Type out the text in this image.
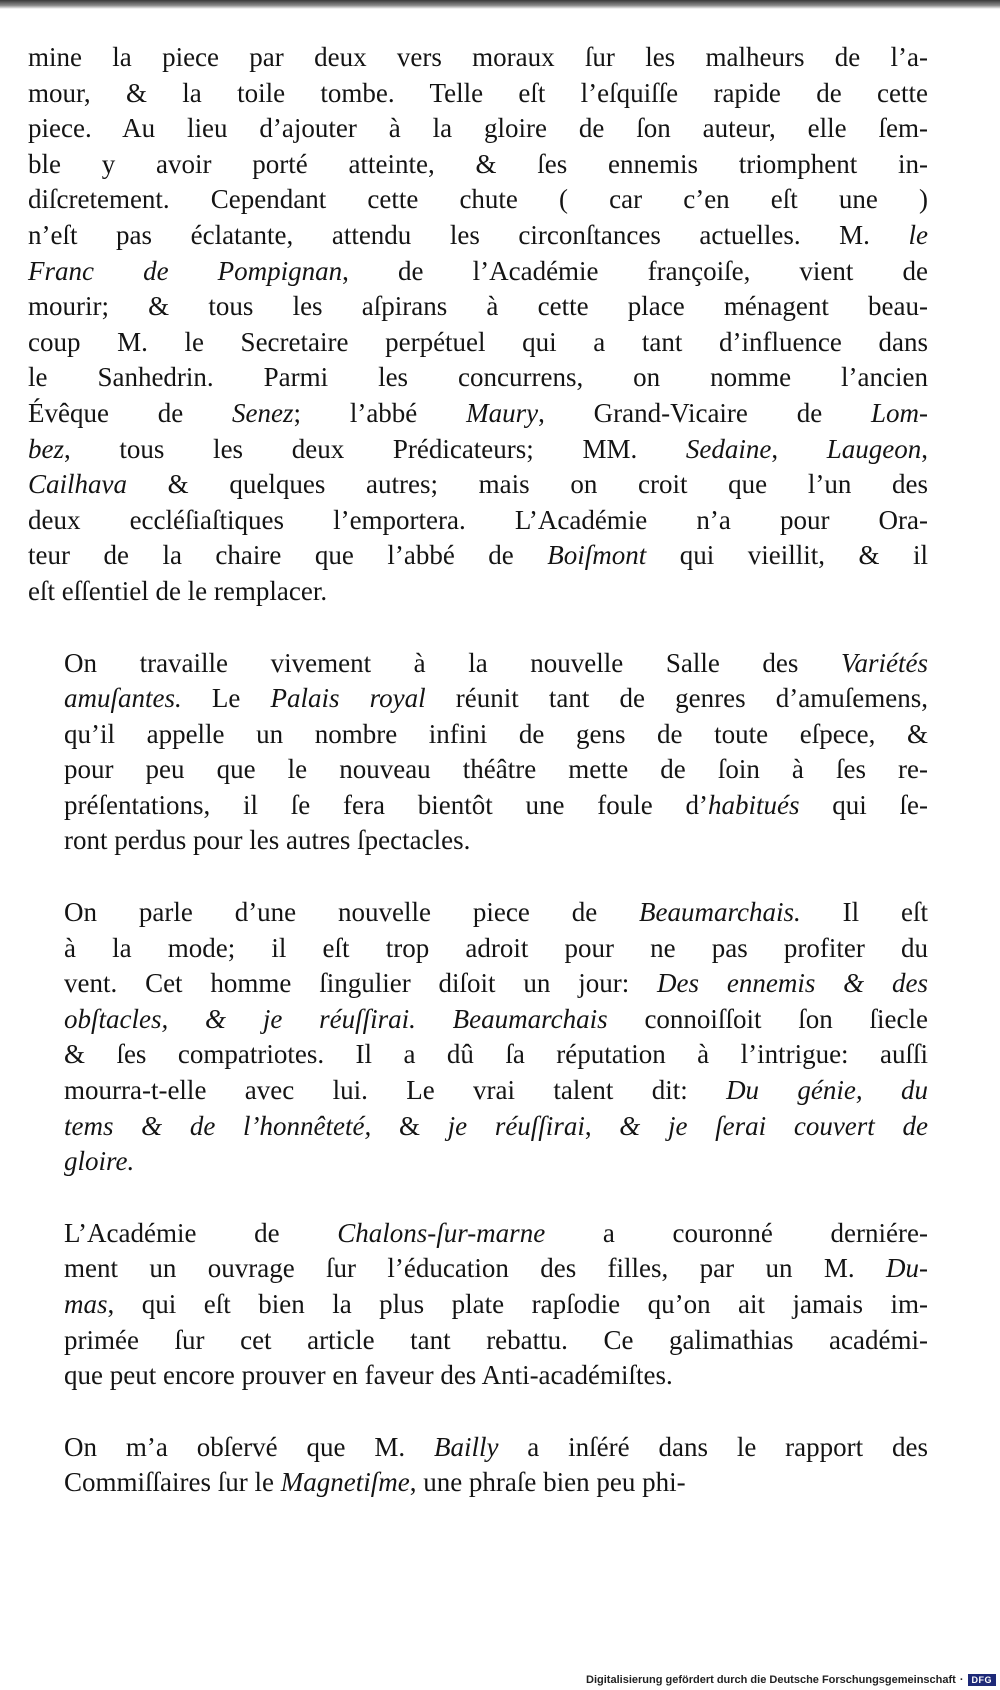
mine la piece par deux vers moraux ſur les malheurs de l’a-
mour, & la toile tombe. Telle eſt l’eſquiſſe rapide de cette
piece. Au lieu d’ajouter à la gloire de ſon auteur, elle ſem-
ble y avoir porté atteinte, & ſes ennemis triomphent in-
diſcretement. Cependant cette chute ( car c’en eſt une )
n’eſt pas éclatante, attendu les circonſtances actuelles. M. le
Franc de Pompignan, de l’Académie françoiſe, vient de
mourir; & tous les aſpirans à cette place ménagent beau-
coup M. le Secretaire perpétuel qui a tant d’influence dans
le Sanhedrin. Parmi les concurrens, on nomme l’ancien
Évêque de Senez; l’abbé Maury, Grand-Vicaire de Lom-
bez, tous les deux Prédicateurs; MM. Sedaine, Laugeon,
Cailhava & quelques autres; mais on croit que l’un des
deux eccléſiaſtiques l’emportera. L’Académie n’a pour Ora-
teur de la chaire que l’abbé de Boiſmont qui vieillit, & il
eſt eſſentiel de le remplacer.
On travaille vivement à la nouvelle Salle des Variétés
amuſantes. Le Palais royal réunit tant de genres d’amuſemens,
qu’il appelle un nombre infini de gens de toute eſpece, &
pour peu que le nouveau théâtre mette de ſoin à ſes re-
préſentations, il ſe fera bientôt une foule d’habitués qui ſe-
ront perdus pour les autres ſpectacles.
On parle d’une nouvelle piece de Beaumarchais. Il eſt
à la mode; il eſt trop adroit pour ne pas profiter du
vent. Cet homme ſingulier diſoit un jour: Des ennemis & des
obſtacles, & je réuſſirai. Beaumarchais connoiſſoit ſon ſiecle
& ſes compatriotes. Il a dû ſa réputation à l’intrigue: auſſi
mourra-t-elle avec lui. Le vrai talent dit: Du génie, du
tems & de l’honnêteté, & je réuſſirai, & je ſerai couvert de
gloire.
L’Académie de Chalons-ſur-marne a couronné derniére-
ment un ouvrage ſur l’éducation des filles, par un M. Du-
mas, qui eſt bien la plus plate rapſodie qu’on ait jamais im-
primée ſur cet article tant rebattu. Ce galimathias académi-
que peut encore prouver en faveur des Anti-académiſtes.
On m’a obſervé que M. Bailly a inſéré dans le rapport des
Commiſſaires ſur le Magnetiſme, une phraſe bien peu phi-
Digitalisierung gefördert durch die Deutsche Forschungsgemeinschaft · DFG
